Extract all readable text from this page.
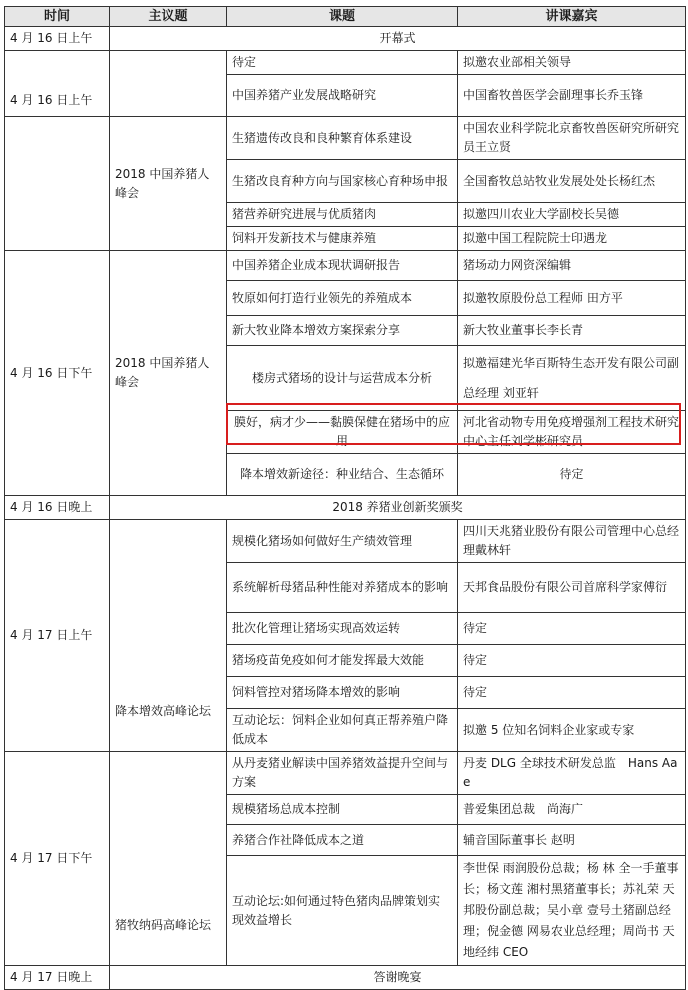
时间	主议题	课题	讲课嘉宾
4 月 16 日上午	开幕式		
4 月 16 日上午		待定	拟邀农业部相关领导
		中国养猪产业发展战略研究	中国畜牧兽医学会副理事长乔玉锋
	2018 中国养猪人峰会	生猪遗传改良和良种繁育体系建设	中国农业科学院北京畜牧兽医研究所研究员王立贤
		生猪改良育种方向与国家核心育种场申报	全国畜牧总站牧业发展处处长杨红杰
		猪营养研究进展与优质猪肉	拟邀四川农业大学副校长吴德
		饲料开发新技术与健康养殖	拟邀中国工程院院士印遇龙
4 月 16 日下午	2018 中国养猪人峰会	中国养猪企业成本现状调研报告	猪场动力网资深编辑
		牧原如何打造行业领先的养殖成本	拟邀牧原股份总工程师 田方平
		新大牧业降本增效方案探索分享	新大牧业董事长李长青
		楼房式猪场的设计与运营成本分析	拟邀福建光华百斯特生态开发有限公司副总经理 刘亚轩
		膜好，病才少——黏膜保健在猪场中的应用	河北省动物专用免疫增强剂工程技术研究中心主任刘学彬研究员
		降本增效新途径：种业结合、生态循环	待定
4 月 16 日晚上	2018 养猪业创新奖颁奖		
4 月 17 日上午	降本增效高峰论坛	规模化猪场如何做好生产绩效管理	四川天兆猪业股份有限公司管理中心总经理戴林轩
		系统解析母猪品种性能对养猪成本的影响	天邦食品股份有限公司首席科学家傅衍
		批次化管理让猪场实现高效运转	待定
		猪场疫苗免疫如何才能发挥最大效能	待定
		饲料管控对猪场降本增效的影响	待定
		互动论坛：饲料企业如何真正帮养殖户降低成本	拟邀 5 位知名饲料企业家或专家
4 月 17 日下午	猪牧纳码高峰论坛	从丹麦猪业解读中国养猪效益提升空间与方案	丹麦 DLG 全球技术研发总监　Hans Aae
		规模猪场总成本控制	普爱集团总裁　尚海广
		养猪合作社降低成本之道	辅音国际董事长 赵明
		互动论坛:如何通过特色猪肉品牌策划实现效益增长	李世保 雨润股份总裁；杨 林 全一手董事长；杨文莲 湘村黑猪董事长；苏礼荣 天邦股份副总裁；吴小章 壹号土猪副总经理；倪金德 网易农业总经理；周尚书 天地经纬 CEO
4 月 17 日晚上	答谢晚宴		
